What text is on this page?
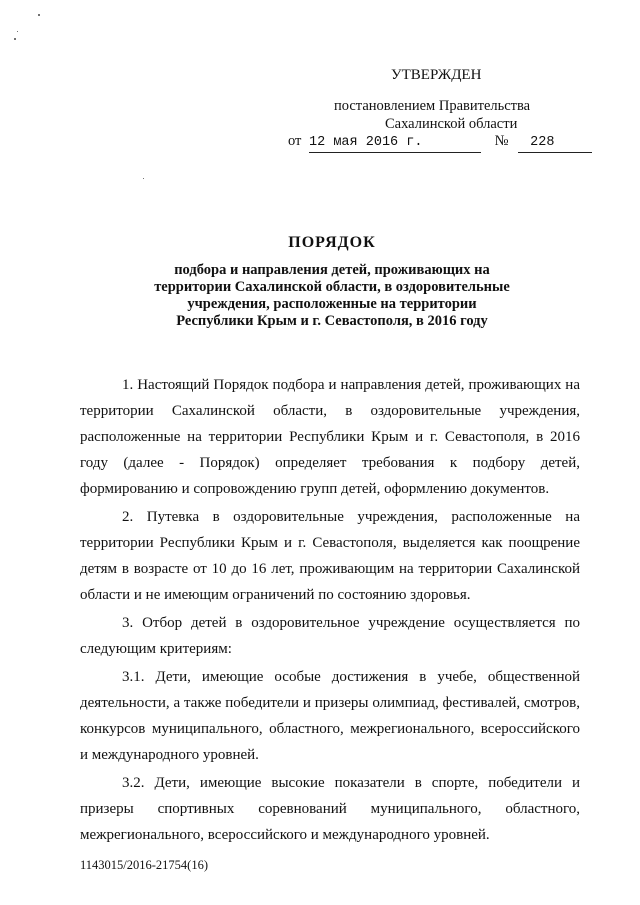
УТВЕРЖДЕН
постановлением Правительства
Сахалинской области
от 12 мая 2016 г.	№ 228
ПОРЯДОК
подбора и направления детей, проживающих на
территории Сахалинской области, в оздоровительные
учреждения, расположенные на территории
Республики Крым и г. Севастополя, в 2016 году

1. Настоящий Порядок подбора и направления детей, проживающих на территории Сахалинской области, в оздоровительные учреждения, расположенные на территории Республики Крым и г. Севастополя, в 2016 году (далее - Порядок) определяет требования к подбору детей, формированию и сопровождению групп детей, оформлению документов.

2. Путевка в оздоровительные учреждения, расположенные на территории Республики Крым и г. Севастополя, выделяется как поощрение детям в возрасте от 10 до 16 лет, проживающим на территории Сахалинской области и не имеющим ограничений по состоянию здоровья.

3. Отбор детей в оздоровительное учреждение осуществляется по следующим критериям:

3.1. Дети, имеющие особые достижения в учебе, общественной деятельности, а также победители и призеры олимпиад, фестивалей, смотров, конкурсов муниципального, областного, межрегионального, всероссийского и международного уровней.

3.2. Дети, имеющие высокие показатели в спорте, победители и призеры спортивных соревнований муниципального, областного, межрегионального, всероссийского и международного уровней.

1143015/2016-21754(16)
